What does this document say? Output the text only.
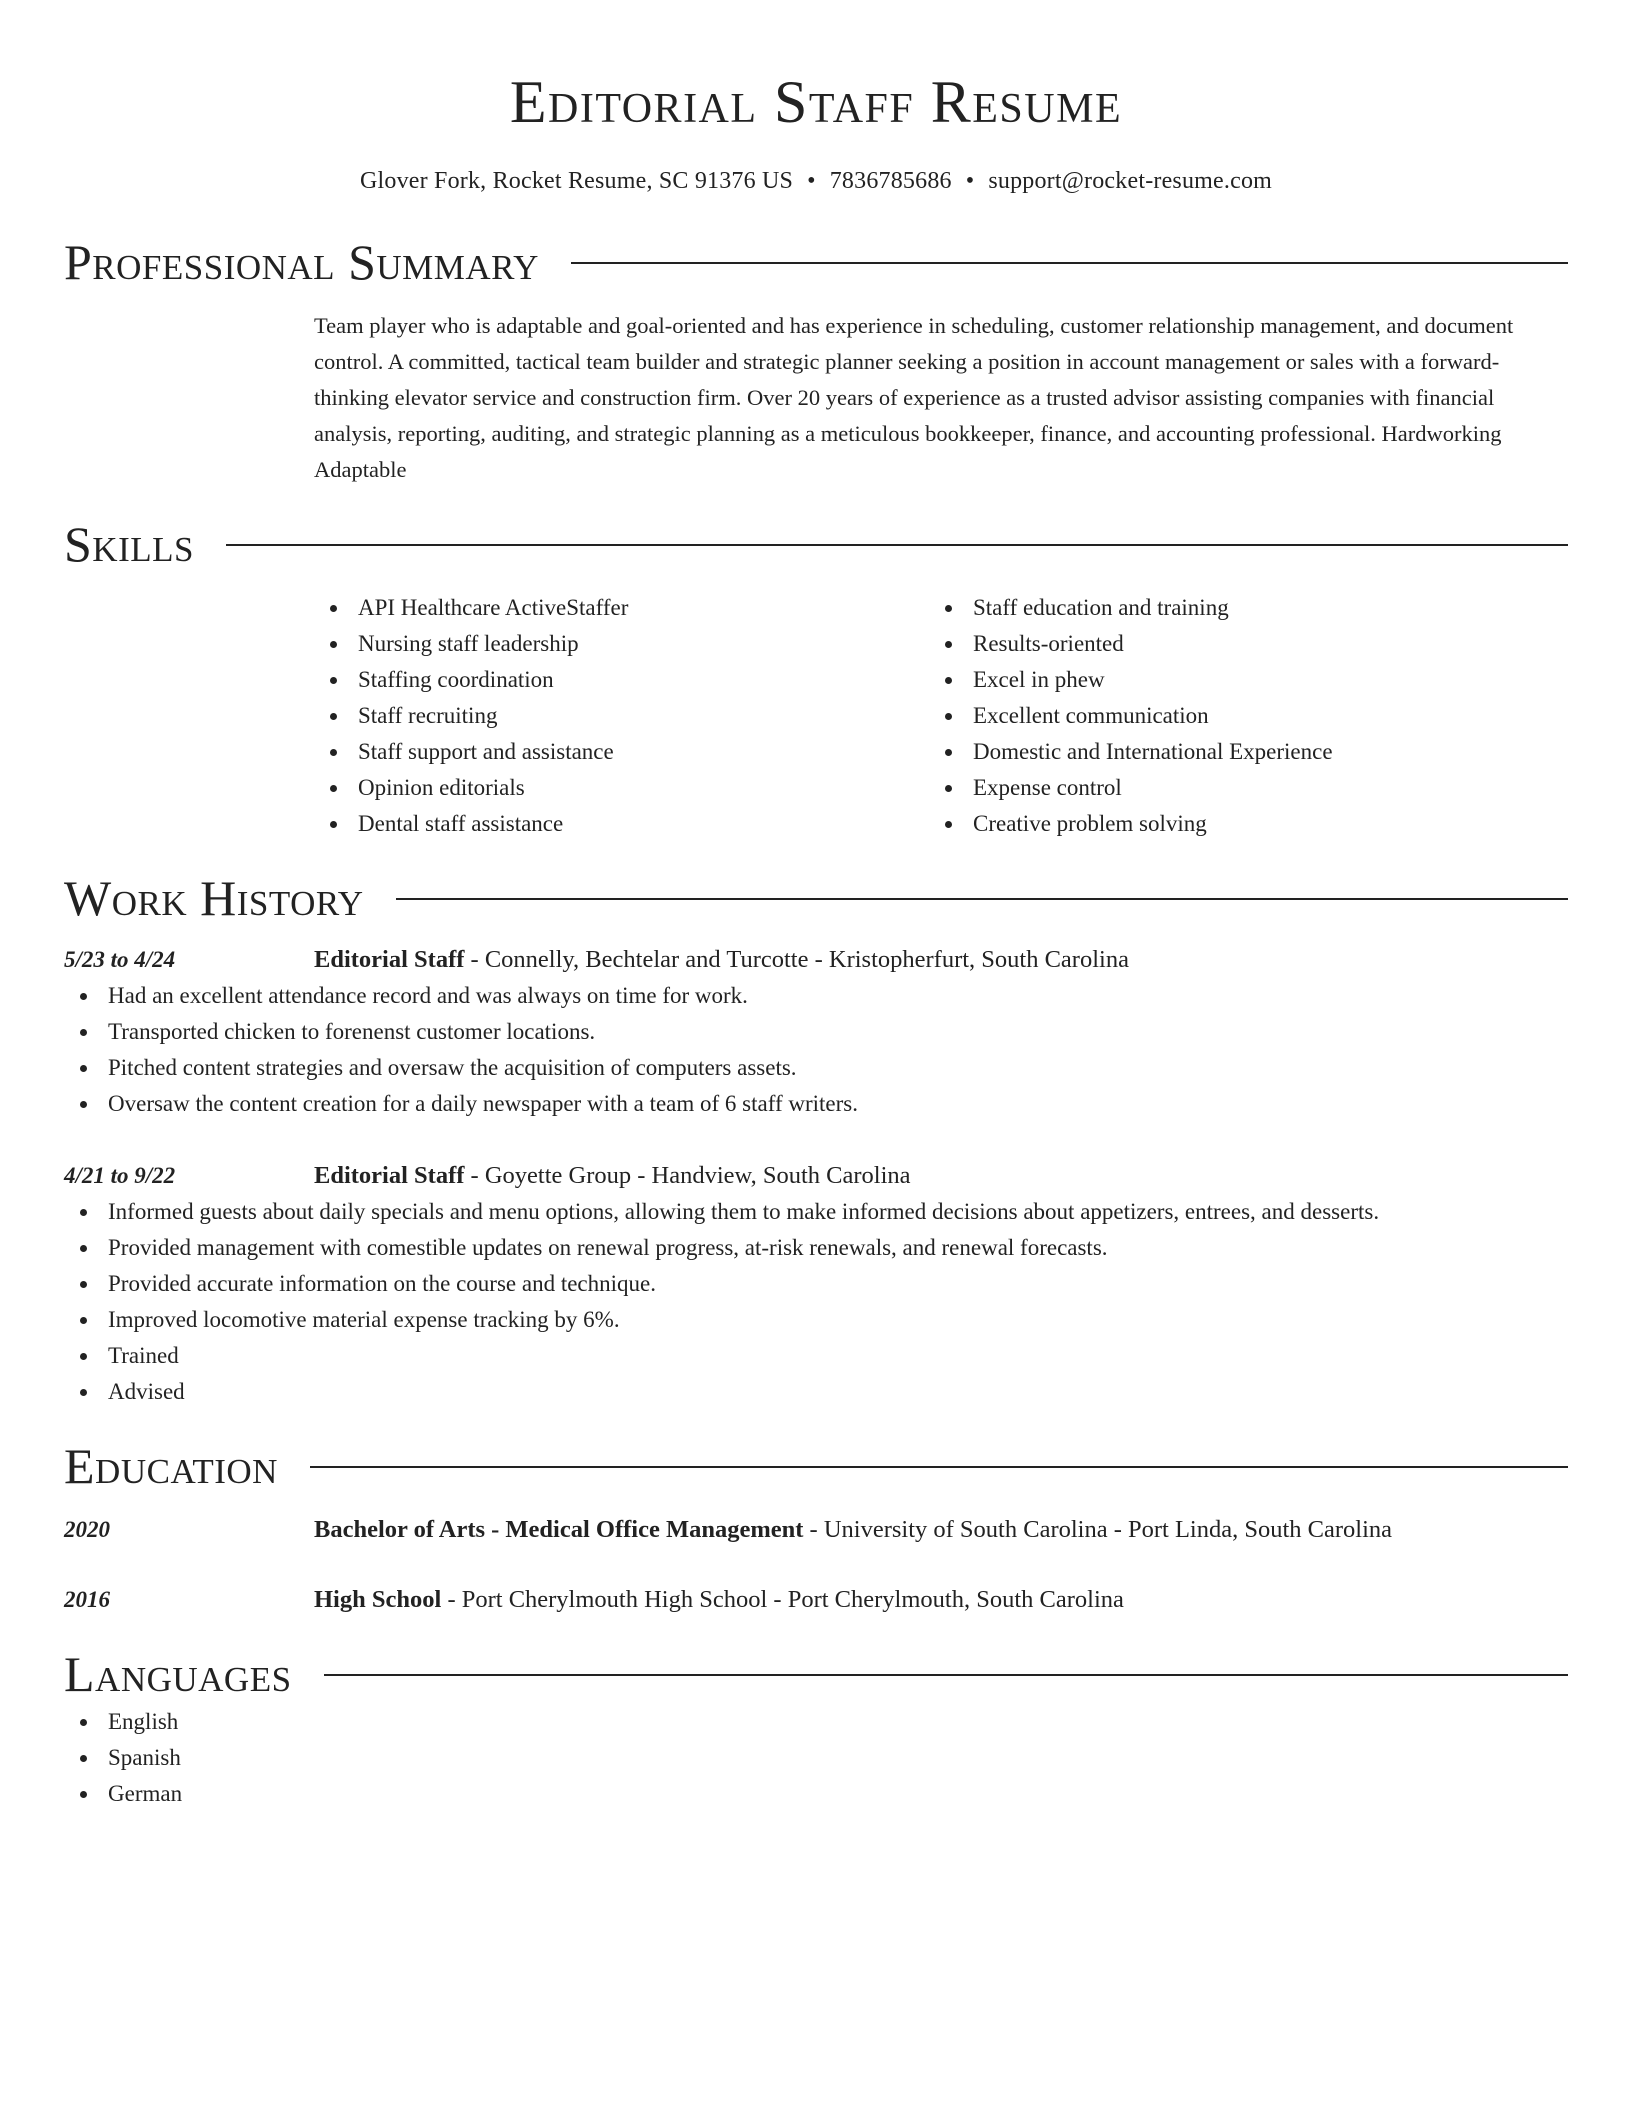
Editorial Staff Resume
Glover Fork, Rocket Resume, SC 91376 US • 7836785686 • support@rocket-resume.com
Professional Summary
Team player who is adaptable and goal-oriented and has experience in scheduling, customer relationship management, and document control. A committed, tactical team builder and strategic planner seeking a position in account management or sales with a forward-thinking elevator service and construction firm. Over 20 years of experience as a trusted advisor assisting companies with financial analysis, reporting, auditing, and strategic planning as a meticulous bookkeeper, finance, and accounting professional. Hardworking Adaptable
Skills
API Healthcare ActiveStaffer
Nursing staff leadership
Staffing coordination
Staff recruiting
Staff support and assistance
Opinion editorials
Dental staff assistance
Staff education and training
Results-oriented
Excel in phew
Excellent communication
Domestic and International Experience
Expense control
Creative problem solving
Work History
5/23 to 4/24	Editorial Staff - Connelly, Bechtelar and Turcotte - Kristopherfurt, South Carolina
Had an excellent attendance record and was always on time for work.
Transported chicken to forenenst customer locations.
Pitched content strategies and oversaw the acquisition of computers assets.
Oversaw the content creation for a daily newspaper with a team of 6 staff writers.
4/21 to 9/22	Editorial Staff - Goyette Group - Handview, South Carolina
Informed guests about daily specials and menu options, allowing them to make informed decisions about appetizers, entrees, and desserts.
Provided management with comestible updates on renewal progress, at-risk renewals, and renewal forecasts.
Provided accurate information on the course and technique.
Improved locomotive material expense tracking by 6%.
Trained
Advised
Education
2020	Bachelor of Arts - Medical Office Management - University of South Carolina - Port Linda, South Carolina
2016	High School - Port Cherylmouth High School - Port Cherylmouth, South Carolina
Languages
English
Spanish
German
